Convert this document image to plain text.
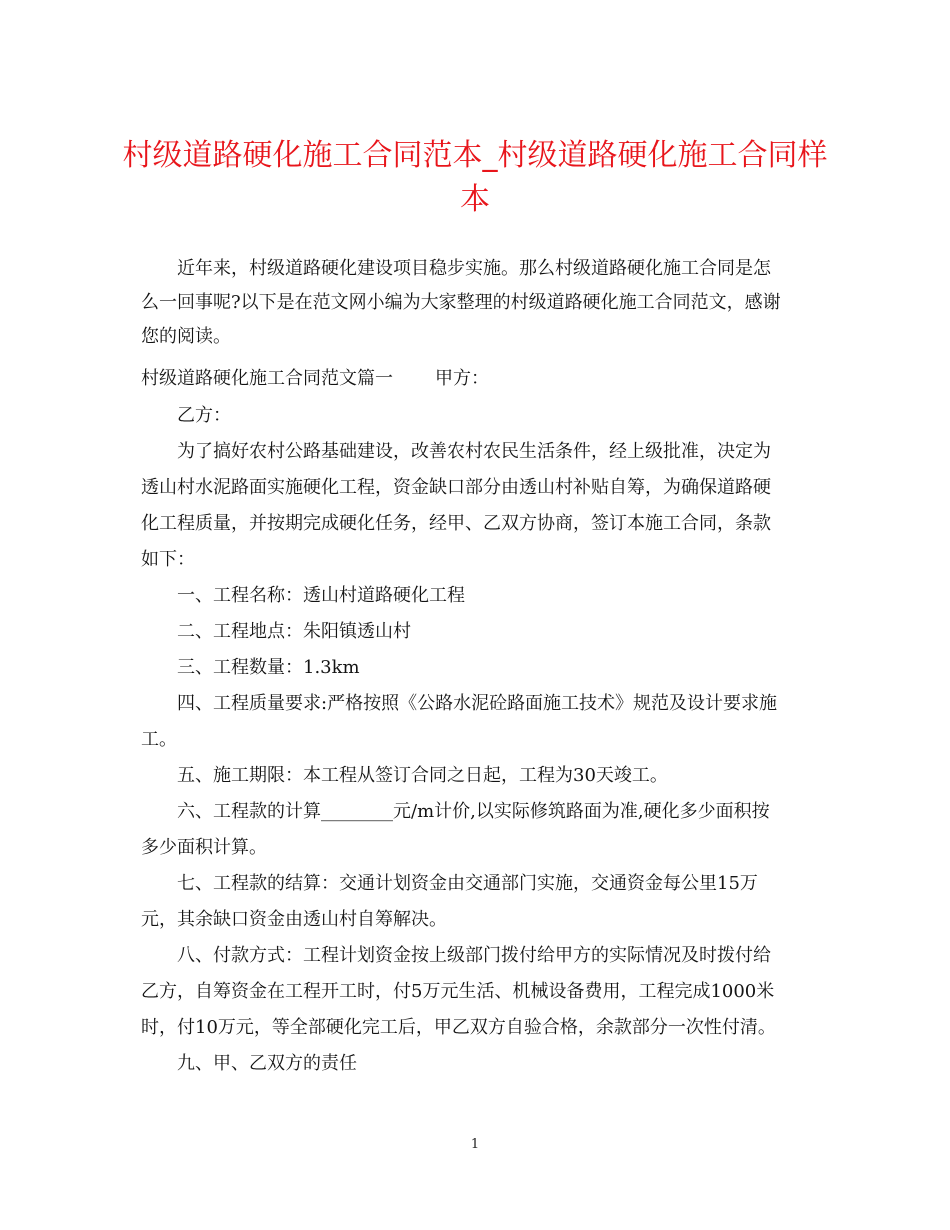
村级道路硬化施工合同范本_村级道路硬化施工合同样
本
近年来，村级道路硬化建设项目稳步实施。那么村级道路硬化施工合同是怎
么一回事呢?以下是在范文网小编为大家整理的村级道路硬化施工合同范文，感谢
您的阅读。
村级道路硬化施工合同范文篇一 甲方：
乙方：
为了搞好农村公路基础建设，改善农村农民生活条件，经上级批准，决定为
透山村水泥路面实施硬化工程，资金缺口部分由透山村补贴自筹，为确保道路硬
化工程质量，并按期完成硬化任务，经甲、乙双方协商，签订本施工合同，条款
如下：
一、工程名称：透山村道路硬化工程
二、工程地点：朱阳镇透山村
三、工程数量：1.3km
四、工程质量要求:严格按照《公路水泥砼路面施工技术》规范及设计要求施
工。
五、施工期限：本工程从签订合同之日起，工程为30天竣工。
六、工程款的计算________元/m计价,以实际修筑路面为准,硬化多少面积按
多少面积计算。
七、工程款的结算：交通计划资金由交通部门实施，交通资金每公里15万
元，其余缺口资金由透山村自筹解决。
八、付款方式：工程计划资金按上级部门拨付给甲方的实际情况及时拨付给
乙方，自筹资金在工程开工时，付5万元生活、机械设备费用，工程完成1000米
时，付10万元，等全部硬化完工后，甲乙双方自验合格，余款部分一次性付清。
九、甲、乙双方的责任
1
